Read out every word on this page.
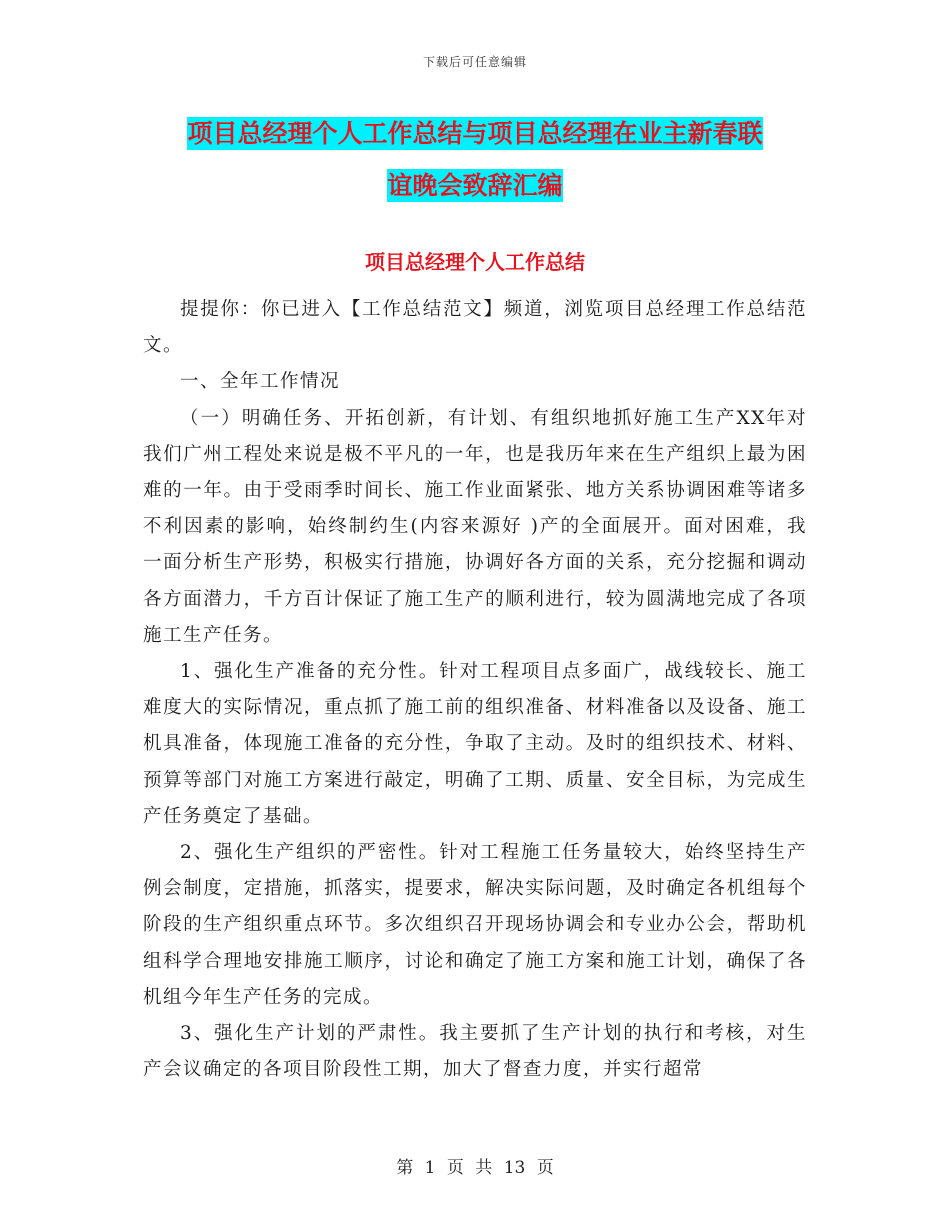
下载后可任意编辑
项目总经理个人工作总结与项目总经理在业主新春联
谊晚会致辞汇编
项目总经理个人工作总结

提提你：你已进入【工作总结范文】频道，浏览项目总经理工作总结范文。

一、全年工作情况

（一）明确任务、开拓创新，有计划、有组织地抓好施工生产XX年对我们广州工程处来说是极不平凡的一年，也是我历年来在生产组织上最为困难的一年。由于受雨季时间长、施工作业面紧张、地方关系协调困难等诸多不利因素的影响，始终制约生(内容来源好 )产的全面展开。面对困难，我一面分析生产形势，积极实行措施，协调好各方面的关系，充分挖掘和调动各方面潜力，千方百计保证了施工生产的顺利进行，较为圆满地完成了各项施工生产任务。

1、强化生产准备的充分性。针对工程项目点多面广，战线较长、施工难度大的实际情况，重点抓了施工前的组织准备、材料准备以及设备、施工机具准备，体现施工准备的充分性，争取了主动。及时的组织技术、材料、预算等部门对施工方案进行敲定，明确了工期、质量、安全目标，为完成生产任务奠定了基础。

2、强化生产组织的严密性。针对工程施工任务量较大，始终坚持生产例会制度，定措施，抓落实，提要求，解决实际问题，及时确定各机组每个阶段的生产组织重点环节。多次组织召开现场协调会和专业办公会，帮助机组科学合理地安排施工顺序，讨论和确定了施工方案和施工计划，确保了各机组今年生产任务的完成。

3、强化生产计划的严肃性。我主要抓了生产计划的执行和考核，对生产会议确定的各项目阶段性工期，加大了督查力度，并实行超常

第 1 页 共 13 页
